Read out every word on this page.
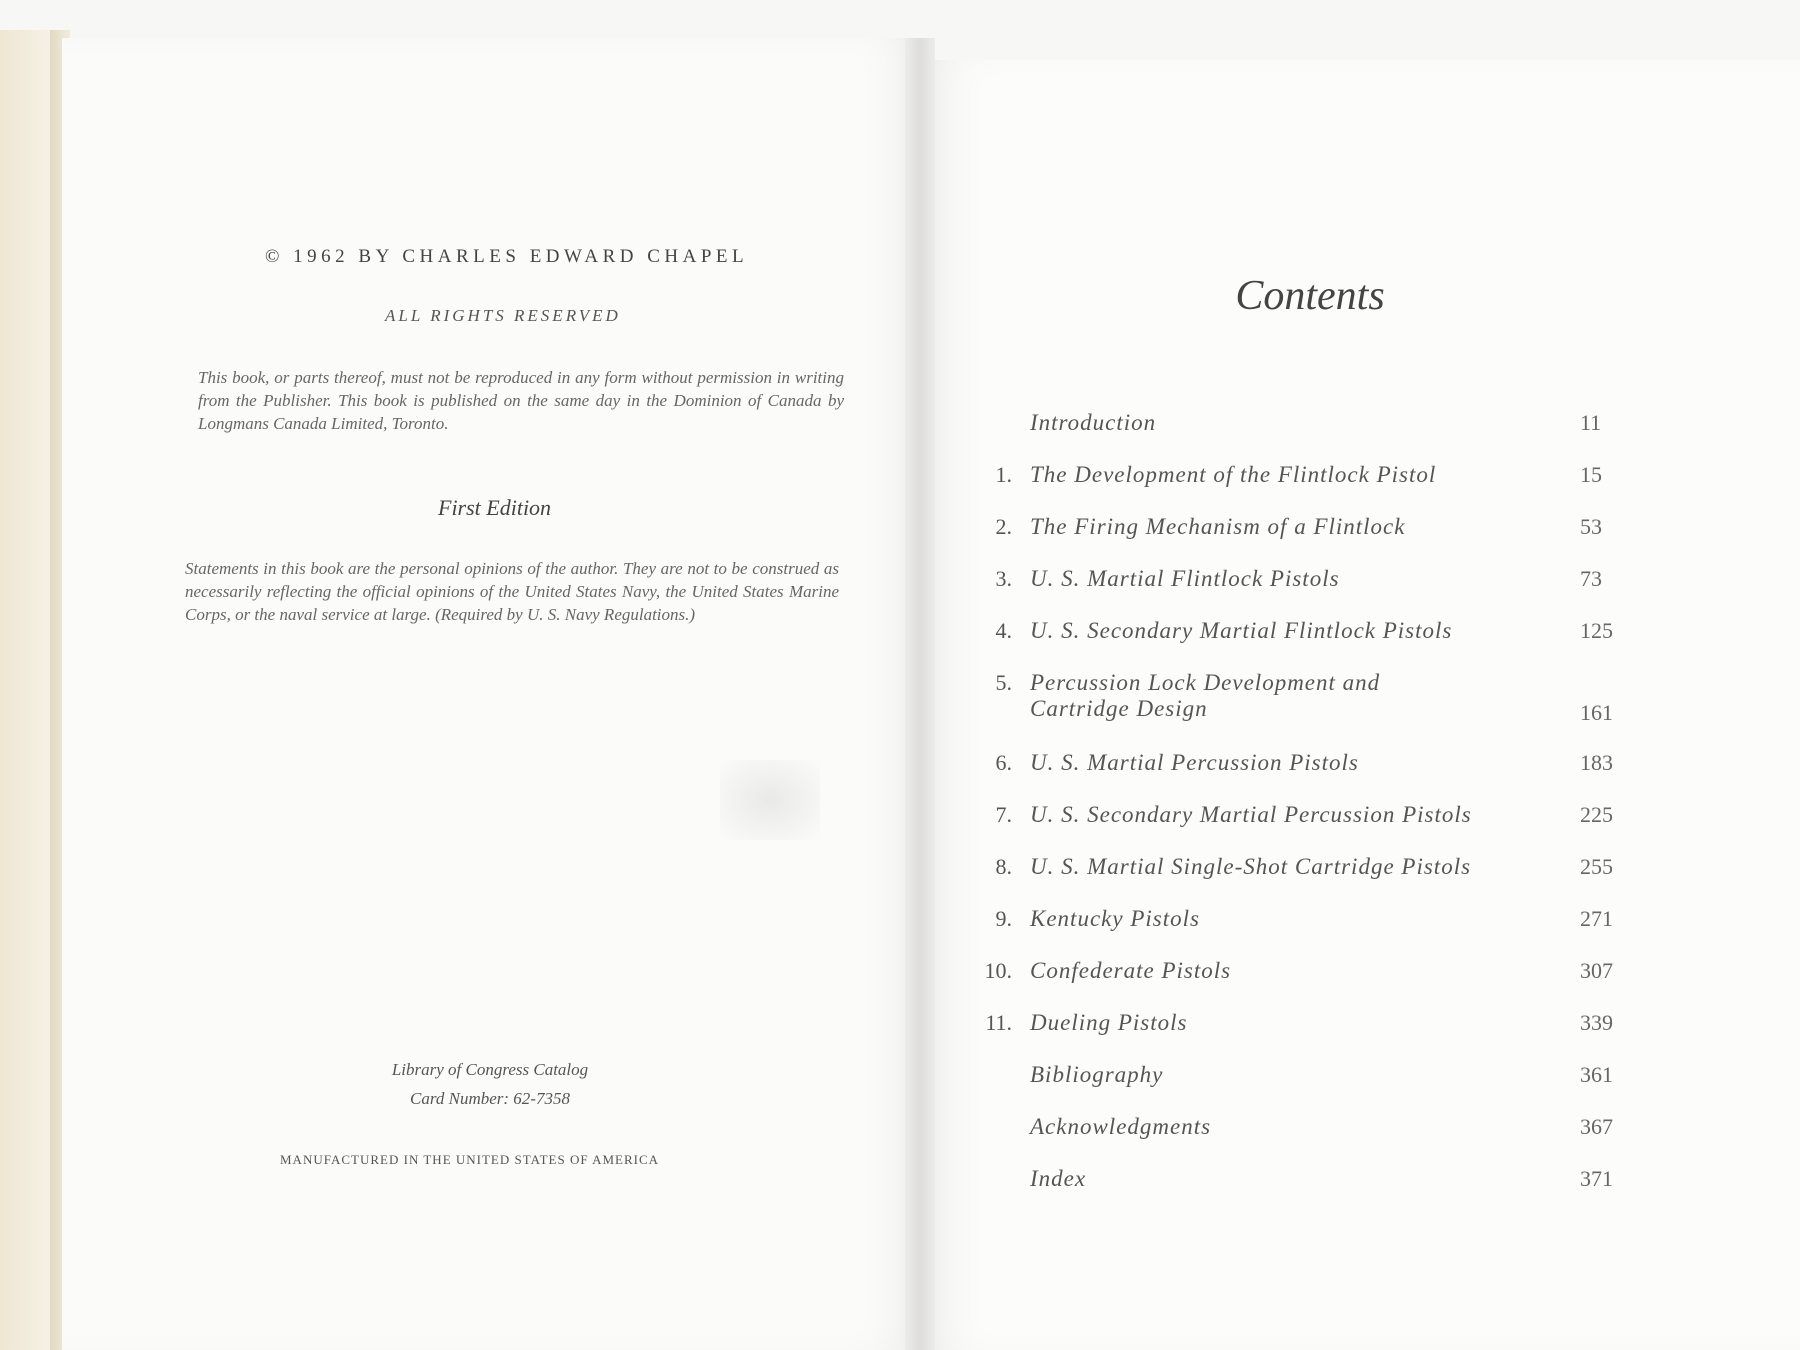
© 1962 BY CHARLES EDWARD CHAPEL
ALL RIGHTS RESERVED
This book, or parts thereof, must not be reproduced in any form without permission in writing from the Publisher. This book is published on the same day in the Dominion of Canada by Longmans Canada Limited, Toronto.
First Edition
Statements in this book are the personal opinions of the author. They are not to be construed as necessarily reflecting the official opinions of the United States Navy, the United States Marine Corps, or the naval service at large. (Required by U. S. Navy Regulations.)
Library of Congress Catalog
Card Number: 62-7358
MANUFACTURED IN THE UNITED STATES OF AMERICA
Contents
Introduction	11
1. The Development of the Flintlock Pistol	15
2. The Firing Mechanism of a Flintlock	53
3. U. S. Martial Flintlock Pistols	73
4. U. S. Secondary Martial Flintlock Pistols	125
5. Percussion Lock Development and Cartridge Design	161
6. U. S. Martial Percussion Pistols	183
7. U. S. Secondary Martial Percussion Pistols	225
8. U. S. Martial Single-Shot Cartridge Pistols	255
9. Kentucky Pistols	271
10. Confederate Pistols	307
11. Dueling Pistols	339
Bibliography	361
Acknowledgments	367
Index	371
